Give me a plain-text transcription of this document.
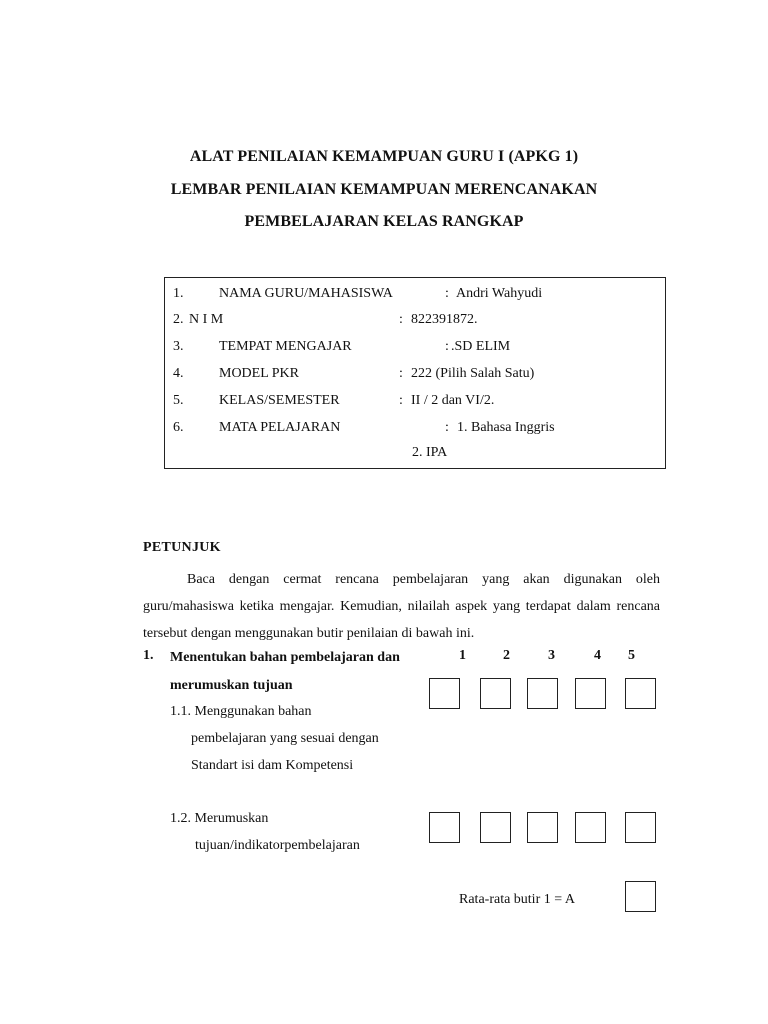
ALAT PENILAIAN KEMAMPUAN GURU I (APKG 1)
LEMBAR PENILAIAN KEMAMPUAN MERENCANAKAN
PEMBELAJARAN KELAS RANGKAP
1.	NAMA GURU/MAHASISWA	: Andri Wahyudi
2. N I M	: 822391872.
3.	TEMPAT MENGAJAR	: .SD ELIM
4.	MODEL PKR	: 222 (Pilih Salah Satu)
5.	KELAS/SEMESTER	: II / 2 dan VI/2.
6.	MATA PELAJARAN	: 1. Bahasa Inggris
2. IPA
PETUNJUK
Baca dengan cermat rencana pembelajaran yang akan digunakan oleh guru/mahasiswa ketika mengajar. Kemudian, nilailah aspek yang terdapat dalam rencana tersebut dengan menggunakan butir penilaian di bawah ini.
1. Menentukan bahan pembelajaran dan
merumuskan tujuan
1	2	3	4 5
1.1. Menggunakan bahan
pembelajaran yang sesuai dengan
Standart isi dam Kompetensi
1.2. Merumuskan
tujuan/indikatorpembelajaran
Rata-rata butir 1 = A
